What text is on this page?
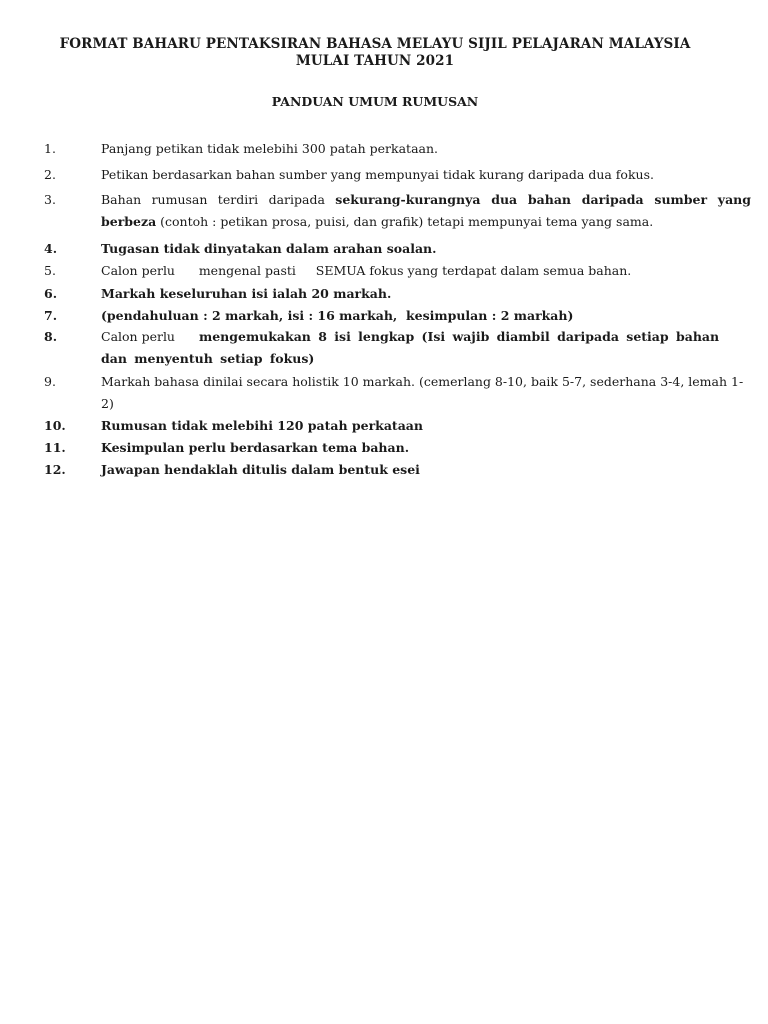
FORMAT BAHARU PENTAKSIRAN BAHASA MELAYU SIJIL PELAJARAN MALAYSIA
MULAI TAHUN 2021
PANDUAN UMUM RUMUSAN
1.	Panjang petikan tidak melebihi 300 patah perkataan.
2.	Petikan berdasarkan bahan sumber yang mempunyai tidak kurang daripada dua fokus.
3.	Bahan rumusan terdiri daripada sekurang-kurangnya dua bahan daripada sumber yang berbeza (contoh : petikan prosa, puisi, dan grafik) tetapi mempunyai tema yang sama.
4.	Tugasan tidak dinyatakan dalam arahan soalan.
5.	Calon perlu      mengenal pasti     SEMUA fokus yang terdapat dalam semua bahan.
6.	Markah keseluruhan isi ialah 20 markah.
7.	(pendahuluan : 2 markah, isi : 16 markah,  kesimpulan : 2 markah)
8.	Calon perlu mengemukakan 8 isi lengkap (Isi wajib diambil daripada setiap bahan dan menyentuh setiap fokus)
9.	Markah bahasa dinilai secara holistik 10 markah. (cemerlang 8-10, baik 5-7, sederhana 3-4, lemah 1-2)
10.	Rumusan tidak melebihi 120 patah perkataan
11.	Kesimpulan perlu berdasarkan tema bahan.
12.	Jawapan hendaklah ditulis dalam bentuk esei
